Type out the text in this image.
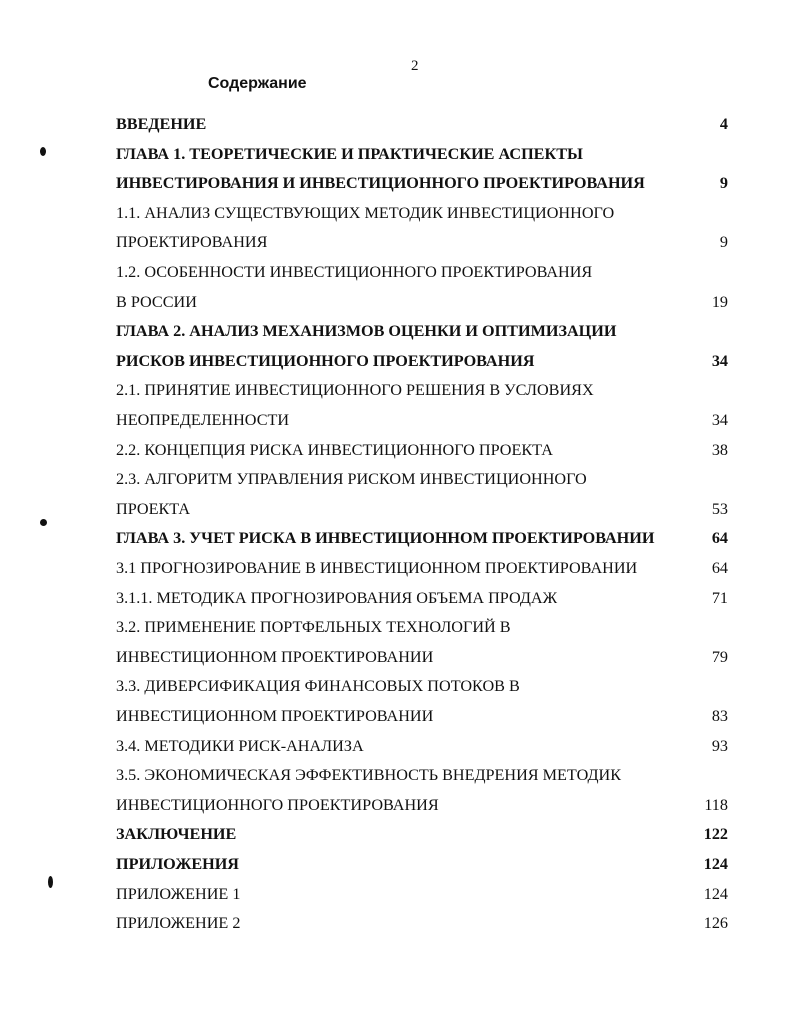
2
Содержание
ВВЕДЕНИЕ	4
ГЛАВА 1. ТЕОРЕТИЧЕСКИЕ И ПРАКТИЧЕСКИЕ АСПЕКТЫ
ИНВЕСТИРОВАНИЯ И ИНВЕСТИЦИОННОГО ПРОЕКТИРОВАНИЯ	9
1.1. АНАЛИЗ СУЩЕСТВУЮЩИХ МЕТОДИК ИНВЕСТИЦИОННОГО
ПРОЕКТИРОВАНИЯ	9
1.2. ОСОБЕННОСТИ ИНВЕСТИЦИОННОГО ПРОЕКТИРОВАНИЯ
В РОССИИ	19
ГЛАВА 2. АНАЛИЗ МЕХАНИЗМОВ ОЦЕНКИ И ОПТИМИЗАЦИИ
РИСКОВ ИНВЕСТИЦИОННОГО ПРОЕКТИРОВАНИЯ	34
2.1. ПРИНЯТИЕ ИНВЕСТИЦИОННОГО РЕШЕНИЯ В УСЛОВИЯХ
НЕОПРЕДЕЛЕННОСТИ	34
2.2. КОНЦЕПЦИЯ РИСКА ИНВЕСТИЦИОННОГО ПРОЕКТА	38
2.3. АЛГОРИТМ УПРАВЛЕНИЯ РИСКОМ ИНВЕСТИЦИОННОГО
ПРОЕКТА	53
ГЛАВА 3. УЧЕТ РИСКА В ИНВЕСТИЦИОННОМ ПРОЕКТИРОВАНИИ	64
3.1 ПРОГНОЗИРОВАНИЕ В ИНВЕСТИЦИОННОМ ПРОЕКТИРОВАНИИ	64
3.1.1. МЕТОДИКА ПРОГНОЗИРОВАНИЯ ОБЪЕМА ПРОДАЖ	71
3.2. ПРИМЕНЕНИЕ ПОРТФЕЛЬНЫХ ТЕХНОЛОГИЙ В
ИНВЕСТИЦИОННОМ ПРОЕКТИРОВАНИИ	79
3.3. ДИВЕРСИФИКАЦИЯ ФИНАНСОВЫХ ПОТОКОВ В
ИНВЕСТИЦИОННОМ ПРОЕКТИРОВАНИИ	83
3.4. МЕТОДИКИ РИСК-АНАЛИЗА	93
3.5. ЭКОНОМИЧЕСКАЯ ЭФФЕКТИВНОСТЬ ВНЕДРЕНИЯ МЕТОДИК
ИНВЕСТИЦИОННОГО ПРОЕКТИРОВАНИЯ	118
ЗАКЛЮЧЕНИЕ	122
ПРИЛОЖЕНИЯ	124
ПРИЛОЖЕНИЕ 1	124
ПРИЛОЖЕНИЕ 2	126
